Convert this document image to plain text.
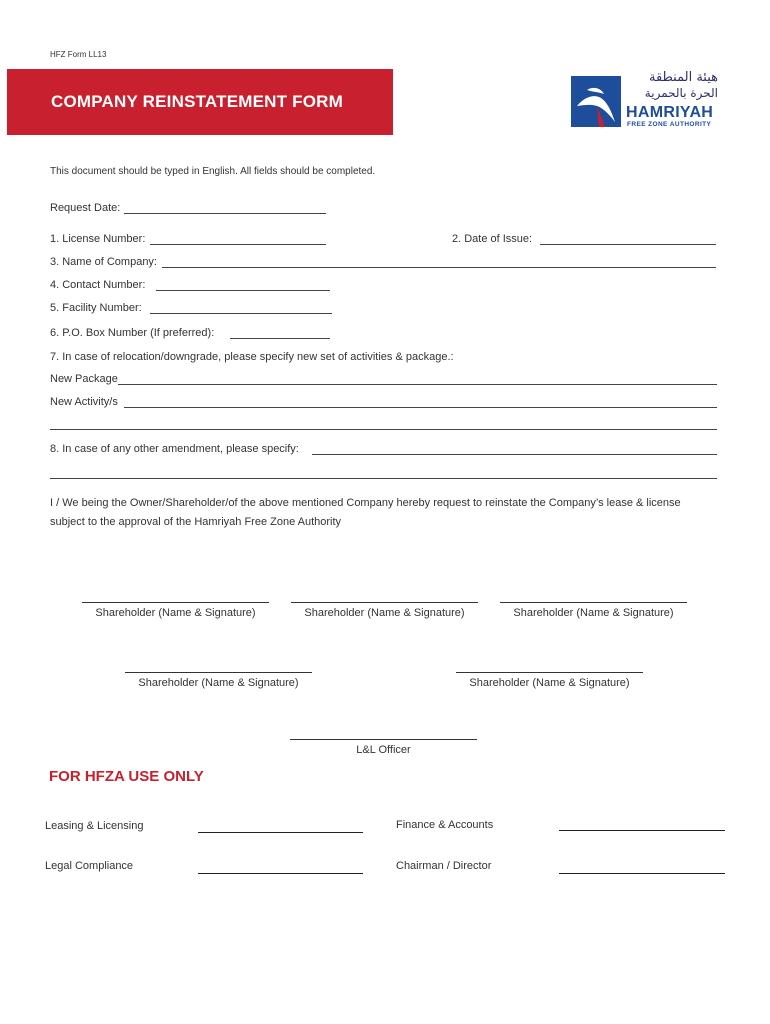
HFZ Form LL13
COMPANY REINSTATEMENT FORM
هيئة المنطقة
الحرة بالحمرية
HAMRIYAH
FREE ZONE AUTHORITY
This document should be typed in English. All fields should be completed.
Request Date:
1. License Number:	2. Date of Issue:
3. Name of Company:
4. Contact Number:
5. Facility Number:
6. P.O. Box Number (If preferred):
7. In case of relocation/downgrade, please specify new set of activities & package.:
New Package
New Activity/s
8. In case of any other amendment, please specify:
I / We being the Owner/Shareholder/of the above mentioned Company hereby request to reinstate the Company’s lease & license
subject to the approval of the Hamriyah Free Zone Authority
Shareholder (Name & Signature)	Shareholder (Name & Signature)	Shareholder (Name & Signature)
Shareholder (Name & Signature)	Shareholder (Name & Signature)
L&L Officer
FOR HFZA USE ONLY
Leasing & Licensing	Finance & Accounts
Legal Compliance	Chairman / Director
